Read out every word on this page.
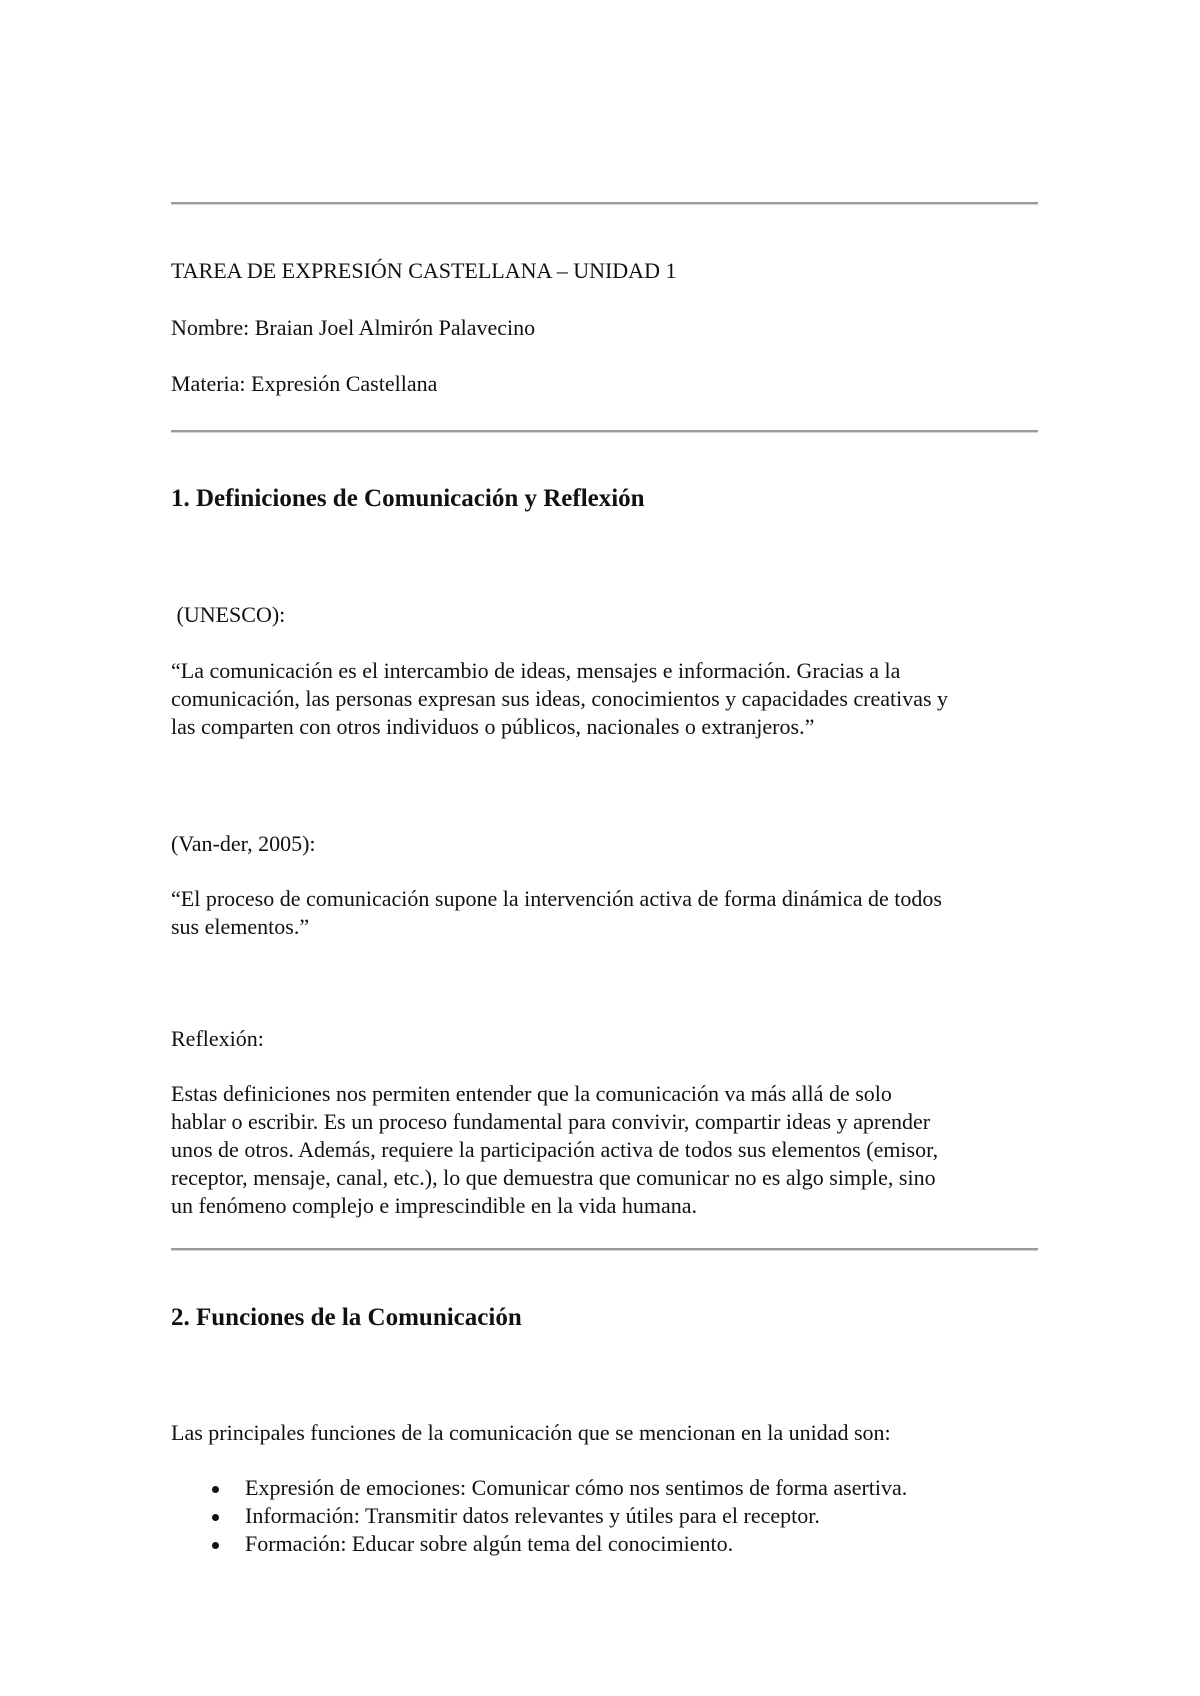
TAREA DE EXPRESIÓN CASTELLANA – UNIDAD 1
Nombre: Braian Joel Almirón Palavecino
Materia: Expresión Castellana
1. Definiciones de Comunicación y Reflexión
(UNESCO):
“La comunicación es el intercambio de ideas, mensajes e información. Gracias a la
comunicación, las personas expresan sus ideas, conocimientos y capacidades creativas y
las comparten con otros individuos o públicos, nacionales o extranjeros.”
(Van-der, 2005):
“El proceso de comunicación supone la intervención activa de forma dinámica de todos
sus elementos.”
Reflexión:
Estas definiciones nos permiten entender que la comunicación va más allá de solo
hablar o escribir. Es un proceso fundamental para convivir, compartir ideas y aprender
unos de otros. Además, requiere la participación activa de todos sus elementos (emisor,
receptor, mensaje, canal, etc.), lo que demuestra que comunicar no es algo simple, sino
un fenómeno complejo e imprescindible en la vida humana.
2. Funciones de la Comunicación
Las principales funciones de la comunicación que se mencionan en la unidad son:
Expresión de emociones: Comunicar cómo nos sentimos de forma asertiva.
Información: Transmitir datos relevantes y útiles para el receptor.
Formación: Educar sobre algún tema del conocimiento.
